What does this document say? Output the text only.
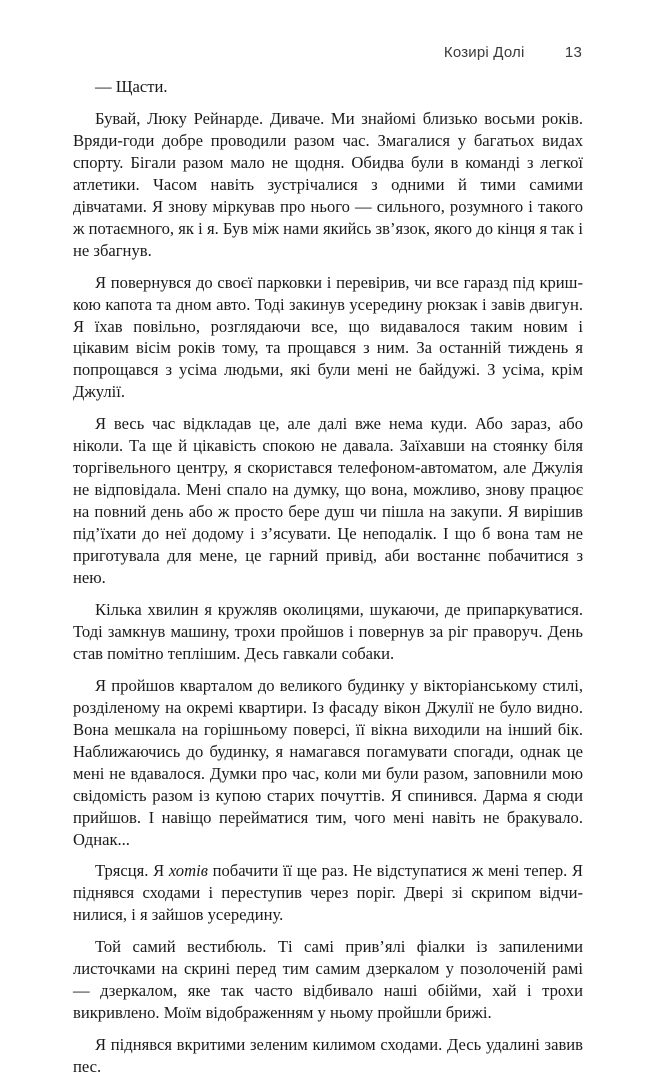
Козирі Долі	13

— Щасти.

Бувай, Люку Рейнарде. Диваче. Ми знайомі близько восьми років. Вряди-годи добре проводили разом час. Змагалися у багатьох видах спорту. Бігали разом мало не щодня. Обидва були в команді з легкої атлетики. Часом навіть зустрічалися з одними й тими самими дівчатами. Я знову міркував про нього — сильного, розумного і такого ж потаємного, як і я. Був між нами якийсь зв’язок, якого до кінця я так і не збагнув.

Я повернувся до своєї парковки і перевірив, чи все гаразд під кришкою капота та дном авто. Тоді закинув усередину рюкзак і завів двигун. Я їхав повільно, розглядаючи все, що видавалося таким новим і цікавим вісім років тому, та прощався з ним. За останній тиждень я попрощався з усіма людьми, які були мені не байдужі. З усіма, крім Джулії.

Я весь час відкладав це, але далі вже нема куди. Або зараз, або ніколи. Та ще й цікавість спокою не давала. Заїхавши на стоянку біля торгівельного центру, я скористався телефоном-автоматом, але Джулія не відповідала. Мені спало на думку, що вона, можливо, знову працює на повний день або ж просто бере душ чи пішла на закупи. Я вирішив під’їхати до неї додому і з’ясувати. Це неподалік. І що б вона там не приготувала для мене, це гарний привід, аби востаннє побачитися з нею.

Кілька хвилин я кружляв околицями, шукаючи, де припаркуватися. Тоді замкнув машину, трохи пройшов і повернув за ріг праворуч. День став помітно теплішим. Десь гавкали собаки.

Я пройшов кварталом до великого будинку у вікторіанському стилі, розділеному на окремі квартири. Із фасаду вікон Джулії не було видно. Вона мешкала на горішньому поверсі, її вікна виходили на інший бік. Наближаючись до будинку, я намагався погамувати спогади, однак це мені не вдавалося. Думки про час, коли ми були разом, заповнили мою свідомість разом із купою старих почуттів. Я спинився. Дарма я сюди прийшов. І навіщо перейматися тим, чого мені навіть не бракувало. Однак...

Трясця. Я хотів побачити її ще раз. Не відступатися ж мені тепер. Я піднявся сходами і переступив через поріг. Двері зі скрипом відчинилися, і я зайшов усередину.

Той самий вестибюль. Ті самі прив’ялі фіалки із запиленими листочками на скрині перед тим самим дзеркалом у позолоченій рамі — дзеркалом, яке так часто відбивало наші обійми, хай і трохи викривлено. Моїм відображенням у ньому пройшли брижі.

Я піднявся вкритими зеленим килимом сходами. Десь удалині завив пес.
